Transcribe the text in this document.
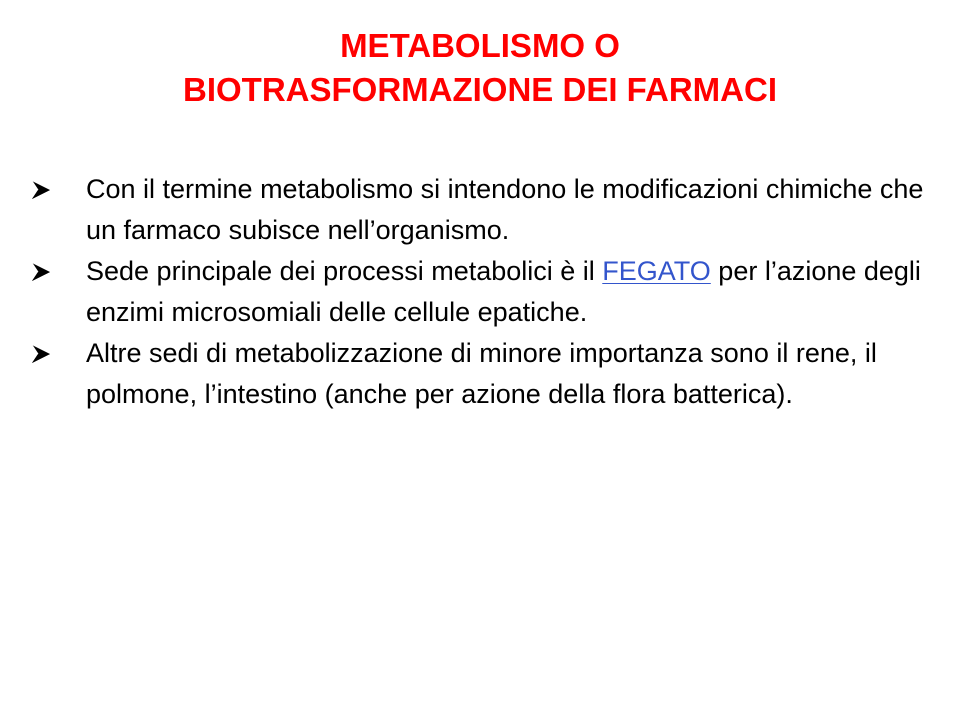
METABOLISMO O
BIOTRASFORMAZIONE DEI FARMACI
Con il termine metabolismo si intendono le modificazioni chimiche che un farmaco subisce nell’organismo.
Sede principale dei processi metabolici è il FEGATO per l’azione degli enzimi microsomiali delle cellule epatiche.
Altre sedi di metabolizzazione di minore importanza sono il rene, il polmone, l’intestino (anche per azione della flora batterica).
